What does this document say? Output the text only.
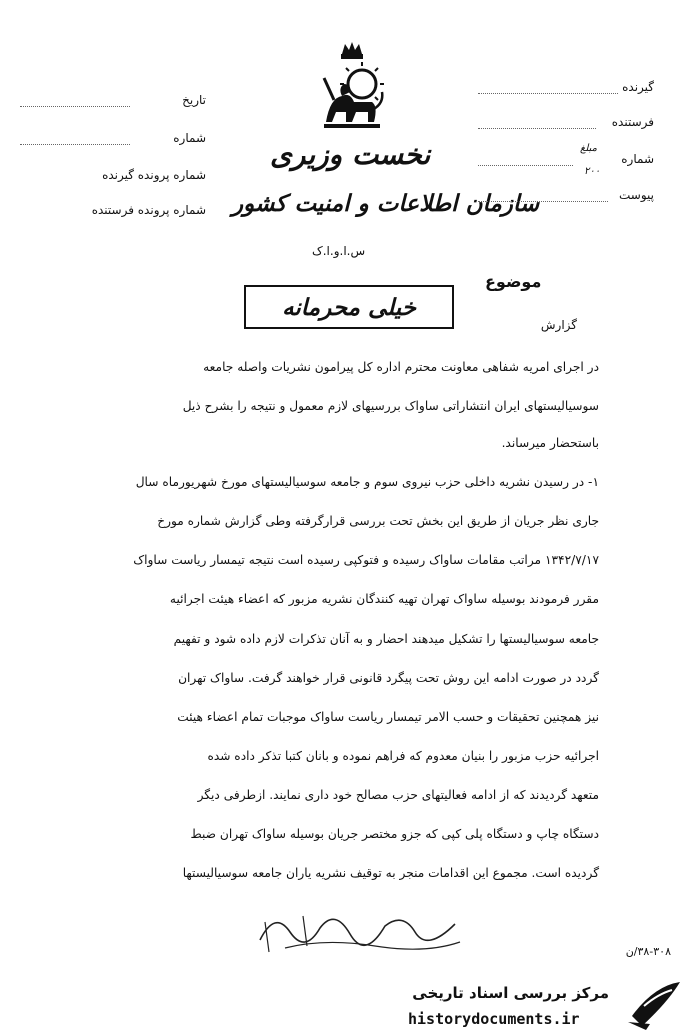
تاریخ
شماره
شماره پرونده گیرنده
شماره پرونده فرستنده
نخست وزیری
سازمان اطلاعات و امنیت کشور
س.ا.و.ا.ک
گیرنده
فرستنده
شماره
مبلغ
۲۰۰
پیوست
موضوع
خیلی محرمانه
گزارش
در اجرای امریه شفاهی معاونت محترم اداره کل پیرامون نشریات واصله جامعه
سوسیالیستهای ایران انتشاراتی ساواک بررسیهای لازم معمول و نتیجه را بشرح ذیل
باستحضار میرساند.
۱- در رسیدن نشریه داخلی حزب نیروی سوم و جامعه سوسیالیستهای مورخ شهریورماه سال
جاری نظر جریان از طریق این بخش تحت بررسی قرارگرفته وطی گزارش شماره مورخ
۱۳۴۲/۷/۱۷ مراتب مقامات ساواک رسیده و فتوکپی رسیده است نتیجه تیمسار ریاست ساواک
مقرر فرمودند بوسیله ساواک تهران تهیه کنندگان نشریه مزبور که اعضاء هیئت اجرائیه
جامعه سوسیالیستها را تشکیل میدهند احضار و به آنان تذکرات لازم داده شود و تفهیم
گردد در صورت ادامه این روش تحت پیگرد قانونی قرار خواهند گرفت. ساواک تهران
نیز همچنین تحقیقات و حسب الامر تیمسار ریاست ساواک موجبات تمام اعضاء هیئت
اجرائیه حزب مزبور را بنیان معدوم که فراهم نموده و بانان کتبا تذکر داده شده
متعهد گردیدند که از ادامه فعالیتهای حزب مصالح خود داری نمایند. ازطرفی دیگر
دستگاه چاپ و دستگاه پلی کپی که جزو مختصر جریان بوسیله ساواک تهران ضبط
گردیده است. مجموع این اقدامات منجر به توقیف نشریه یاران جامعه سوسیالیستها
۳۸-۳۰۸/ن
مرکز بررسی اسناد تاریخی
historydocuments.ir
